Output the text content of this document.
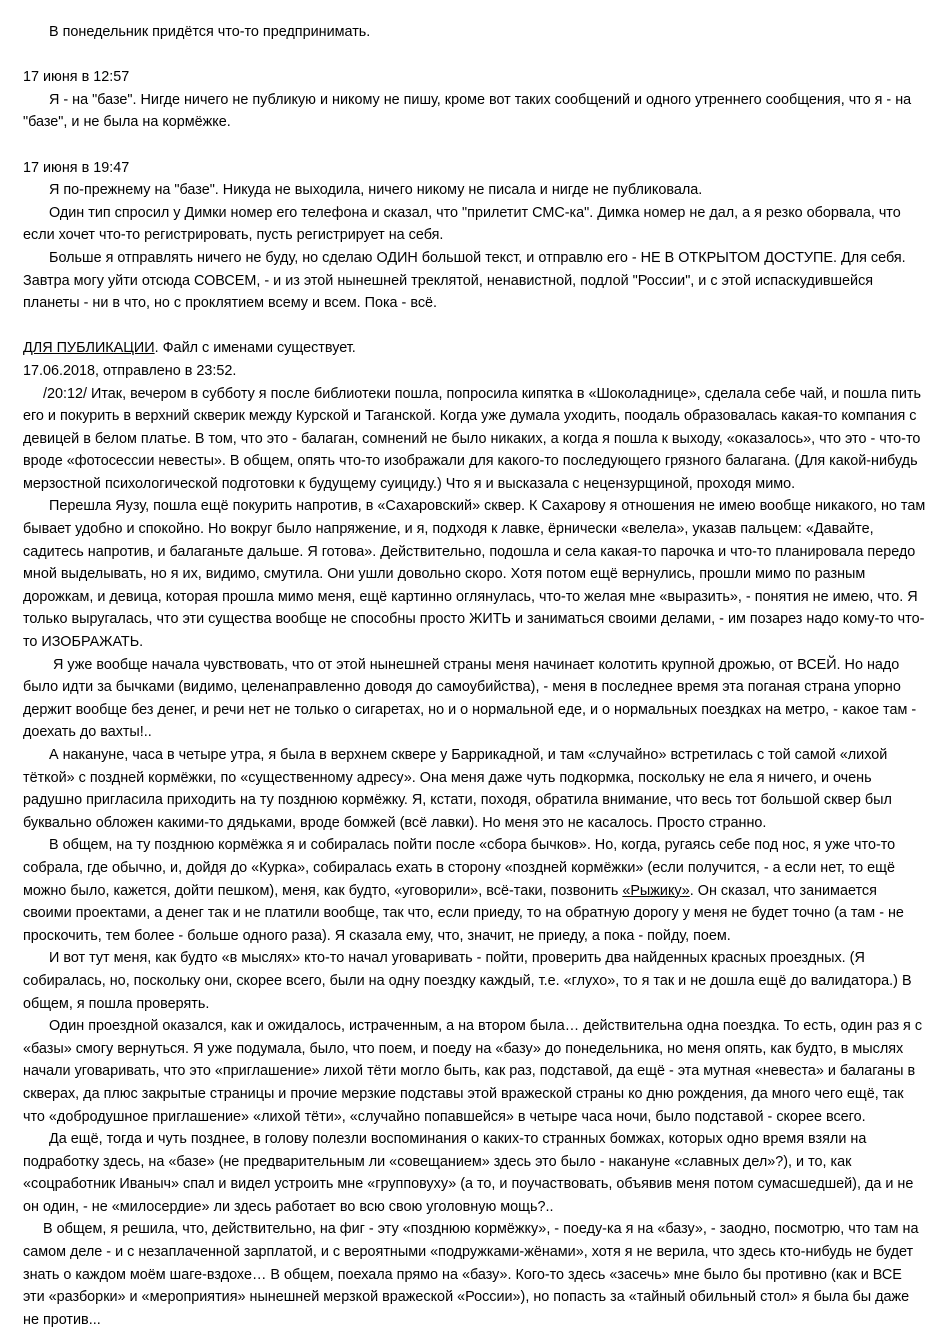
В понедельник придётся что-то предпринимать.

17 июня в 12:57

Я - на "базе". Нигде ничего не публикую и никому не пишу, кроме вот таких сообщений и одного утреннего сообщения, что я - на "базе", и не была на кормёжке.

17 июня в 19:47

Я по-прежнему на "базе". Никуда не выходила, ничего никому не писала и нигде не публиковала.

Один тип спросил у Димки номер его телефона и сказал, что "прилетит СМС-ка". Димка номер не дал, а я резко оборвала, что если хочет что-то регистрировать, пусть регистрирует на себя.

Больше я отправлять ничего не буду, но сделаю ОДИН большой текст, и отправлю его - НЕ В ОТКРЫТОМ ДОСТУПЕ. Для себя. Завтра могу уйти отсюда СОВСЕМ, - и из этой нынешней треклятой, ненавистной, подлой "России", и с этой испаскудившейся планеты - ни в что, но с проклятием всему и всем. Пока - всё.

ДЛЯ ПУБЛИКАЦИИ. Файл с именами существует.

17.06.2018, отправлено в 23:52.

/20:12/ Итак, вечером в субботу я после библиотеки пошла, попросила кипятка в «Шоколаднице», сделала себе чай, и пошла пить его и покурить в верхний скверик между Курской и Таганской. Когда уже думала уходить, поодаль образовалась какая-то компания с девицей в белом платье. В том, что это - балаган, сомнений не было никаких, а когда я пошла к выходу, «оказалось», что это - что-то вроде «фотосессии невесты». В общем, опять что-то изображали для какого-то последующего грязного балагана. (Для какой-нибудь мерзостной психологической подготовки к будущему суициду.) Что я и высказала с нецензурщиной, проходя мимо.

Перешла Яузу, пошла ещё покурить напротив, в «Сахаровский» сквер. К Сахарову я отношения не имею вообще никакого, но там бывает удобно и спокойно. Но вокруг было напряжение, и я, подходя к лавке, ёрнически «велела», указав пальцем: «Давайте, садитесь напротив, и балаганьте дальше. Я готова». Действительно, подошла и села какая-то парочка и что-то планировала передо мной выделывать, но я их, видимо, смутила. Они ушли довольно скоро. Хотя потом ещё вернулись, прошли мимо по разным дорожкам, и девица, которая прошла мимо меня, ещё картинно оглянулась, что-то желая мне «выразить», - понятия не имею, что. Я только выругалась, что эти существа вообще не способны просто ЖИТЬ и заниматься своими делами, - им позарез надо кому-то что-то ИЗОБРАЖАТЬ.

Я уже вообще начала чувствовать, что от этой нынешней страны меня начинает колотить крупной дрожью, от ВСЕЙ. Но надо было идти за бычками (видимо, целенаправленно доводя до самоубийства), - меня в последнее время эта поганая страна упорно держит вообще без денег, и речи нет не только о сигаретах, но и о нормальной еде, и о нормальных поездках на метро, - какое там - доехать до вахты!..

А накануне, часа в четыре утра, я была в верхнем сквере у Баррикадной, и там «случайно» встретилась с той самой «лихой тёткой» с поздней кормёжки, по «существенному адресу». Она меня даже чуть подкормка, поскольку не ела я ничего, и очень радушно пригласила приходить на ту позднюю кормёжку. Я, кстати, походя, обратила внимание, что весь тот большой сквер был буквально обложен какими-то дядьками, вроде бомжей (всё лавки). Но меня это не касалось. Просто странно.

В общем, на ту позднюю кормёжка я и собиралась пойти после «сбора бычков». Но, когда, ругаясь себе под нос, я уже что-то собрала, где обычно, и, дойдя до «Курка», собиралась ехать в сторону «поздней кормёжки» (если получится, - а если нет, то ещё можно было, кажется, дойти пешком), меня, как будто, «уговорили», всё-таки, позвонить «Рыжику». Он сказал, что занимается своими проектами, а денег так и не платили вообще, так что, если приеду, то на обратную дорогу у меня не будет точно (а там - не проскочить, тем более - больше одного раза). Я сказала ему, что, значит, не приеду, а пока - пойду, поем.

И вот тут меня, как будто «в мыслях» кто-то начал уговаривать - пойти, проверить два найденных красных проездных. (Я собиралась, но, поскольку они, скорее всего, были на одну поездку каждый, т.е. «глухо», то я так и не дошла ещё до валидатора.) В общем, я пошла проверять.

Один проездной оказался, как и ожидалось, истраченным, а на втором была… действительна одна поездка. То есть, один раз я с «базы» смогу вернуться. Я уже подумала, было, что поем, и поеду на «базу» до понедельника, но меня опять, как будто, в мыслях начали уговаривать, что это «приглашение» лихой тёти могло быть, как раз, подставой, да ещё - эта мутная «невеста» и балаганы в скверах, да плюс закрытые страницы и прочие мерзкие подставы этой вражеской страны ко дню рождения, да много чего ещё, так что «добродушное приглашение» «лихой тёти», «случайно попавшейся» в четыре часа ночи, было подставой - скорее всего.

Да ещё, тогда и чуть позднее, в голову полезли воспоминания о каких-то странных бомжах, которых одно время взяли на подработку здесь, на «базе» (не предварительным ли «совещанием» здесь это было - накануне «славных дел»?), и то, как «соцработник Иваныч» спал и видел устроить мне «групповуху» (а то, и поучаствовать, объявив меня потом сумасшедшей), да и не он один, - не «милосердие» ли здесь работает во всю свою уголовную мощь?..

В общем, я решила, что, действительно, на фиг - эту «позднюю кормёжку», - поеду-ка я на «базу», - заодно, посмотрю, что там на самом деле - и с незаплаченной зарплатой, и с вероятными «подружками-жёнами», хотя я не верила, что здесь кто-нибудь не будет знать о каждом моём шаге-вздохе… В общем, поехала прямо на «базу». Кого-то здесь «засечь» мне было бы противно (как и ВСЕ эти «разборки» и «мероприятия» нынешней мерзкой вражеской «России»), но попасть за «тайный обильный стол» я была бы даже не против...
